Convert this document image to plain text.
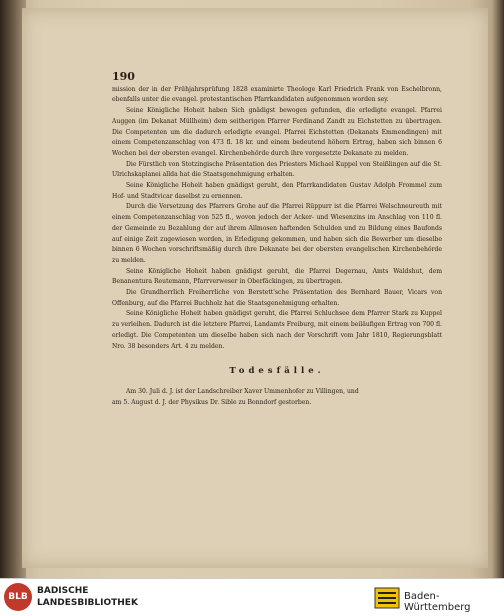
190

mission der in der Frühjahrsprüfung 1828 examinirte Theologe Karl Friedrich Frank von Eschelbronn, ebenfalls unter die evangel. protestantischen Pfarrkandidaten aufgenommen worden sey.

Seine Königliche Hoheit haben Sich gnädigst bewogen gefunden, die erledigte evangel. Pfarrei Auggen (im Dekanat Müllheim) dem seitherigen Pfarrer Ferdinand Zandt zu Eichstetten zu übertragen. Die Competenten um die dadurch erledigte evangel. Pfarrei Eichstetten (Dekanats Emmendingen) mit einem Competenzanschlag von 473 fl. 18 kr. und einem bedeutend höhern Ertrag, haben sich binnen 6 Wochen bei der obersten evangel. Kirchenbehörde durch ihre vorgesetzte Dekanate zu melden.

Die Fürstlich von Stotzingische Präsentation des Priesters Michael Kuppel von Steißlingen auf die St. Ulrichskaplanei allda hat die Staatsgenehmigung erhalten.

Seine Königliche Hoheit haben gnädigst geruht, den Pfarrkandidaten Gustav Adolph Frommel zum Hof- und Stadtvicar daselbst zu ernennen.

Durch die Versetzung des Pfarrers Grohe auf die Pfarrei Rüppurr ist die Pfarrei Welschneureuth mit einem Competenzanschlag von 525 fl., wovon jedoch der Acker- und Wiesenzins im Anschlag von 110 fl. der Gemeinde zu Bezahlung der auf ihrem Allmosen haftenden Schulden und zu Bildung eines Baufonds auf einige Zeit zugewiesen worden, in Erledigung gekommen, und haben sich die Bewerber um dieselbe binnen 6 Wochen vorschriftsmäßig durch ihre Dekanate bei der obersten evangelischen Kirchenbehörde zu melden.

Seine Königliche Hoheit haben gnädigst geruht, die Pfarrei Degernau, Amts Waldshut, dem Benanentura Reutemann, Pfarrverweser in Oberfäckingen, zu übertragen.

Die Grundherrlich Freiherrliche von Berstett'sche Präsentation des Bernhard Bauer, Vicars von Offenburg, auf die Pfarrei Buchholz hat die Staatsgenehmigung erhalten.

Seine Königliche Hoheit haben gnädigst geruht, die Pfarrei Schluchsee dem Pfarrer Stark zu Kuppel zu verleihen. Dadurch ist die letztere Pfarrei, Landamts Freiburg, mit einem beiläufigen Ertrag von 700 fl. erledigt. Die Competenten um dieselbe haben sich nach der Vorschrift vom Jahr 1810, Regierungsblatt Nro. 38 besonders Art. 4 zu melden.

Todesfälle.

Am 30. Juli d. J. ist der Landschreiber Xaver Ummenhofer zu Villingen, und

am 5. August d. J. der Physikus Dr. Sible zu Bonndorf gestorben.

BLB
BADISCHE
LANDESBIBLIOTHEK
Baden-Württemberg
